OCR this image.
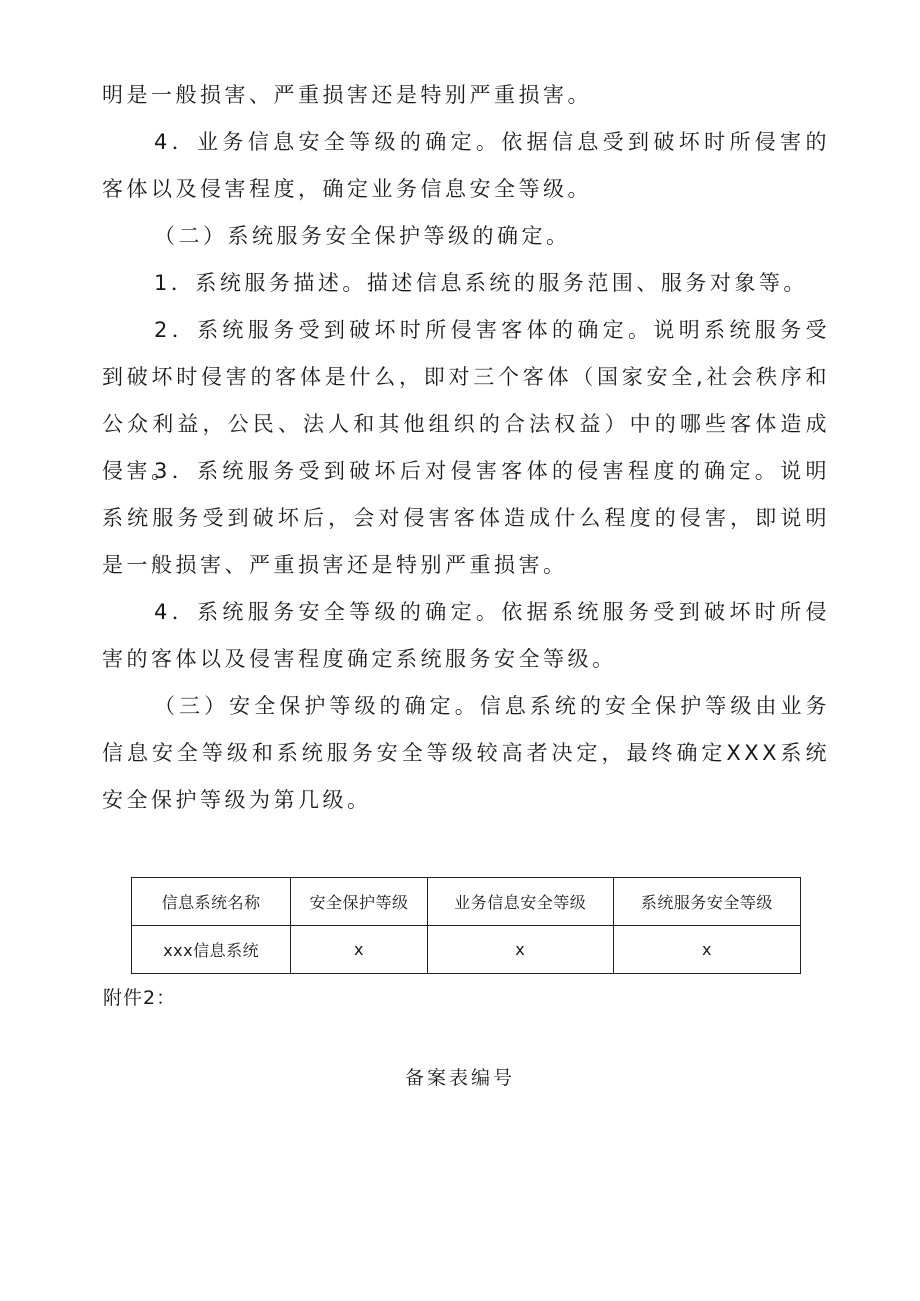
明是一般损害、严重损害还是特别严重损害。

4．业务信息安全等级的确定。依据信息受到破坏时所侵害的客体以及侵害程度，确定业务信息安全等级。

（二）系统服务安全保护等级的确定。

1．系统服务描述。描述信息系统的服务范围、服务对象等。

2．系统服务受到破坏时所侵害客体的确定。说明系统服务受到破坏时侵害的客体是什么，即对三个客体（国家安全,社会秩序和公众利益，公民、法人和其他组织的合法权益）中的哪些客体造成侵害。

3．系统服务受到破坏后对侵害客体的侵害程度的确定。说明系统服务受到破坏后，会对侵害客体造成什么程度的侵害，即说明是一般损害、严重损害还是特别严重损害。

4．系统服务安全等级的确定。依据系统服务受到破坏时所侵害的客体以及侵害程度确定系统服务安全等级。

（三）安全保护等级的确定。信息系统的安全保护等级由业务信息安全等级和系统服务安全等级较高者决定，最终确定XXX系统安全保护等级为第几级。

信息系统名称	安全保护等级	业务信息安全等级	系统服务安全等级
xxx信息系统	x	x	x
附件2：
备案表编号
